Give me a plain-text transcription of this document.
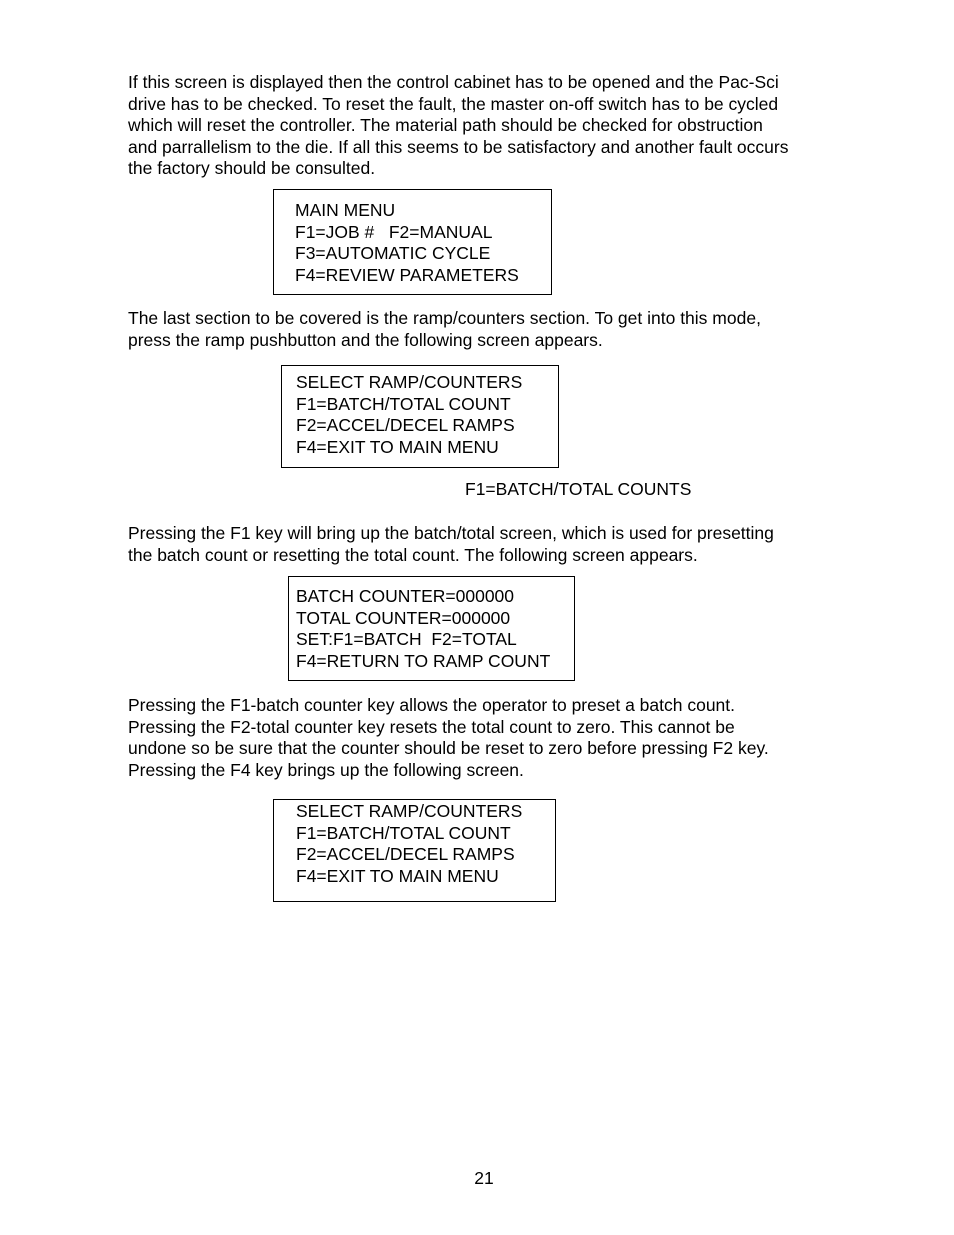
If this screen is displayed then the control cabinet has to be opened and the Pac-Sci
drive has to be checked. To reset the fault, the master on-off switch has to be cycled
which will reset the controller. The material path should be checked for obstruction
and parrallelism to the die. If all this seems to be satisfactory and another fault occurs
the factory should be consulted.
MAIN MENU
F1=JOB #   F2=MANUAL
F3=AUTOMATIC CYCLE
F4=REVIEW PARAMETERS
The last section to be covered is the ramp/counters section. To get into this mode,
press the ramp pushbutton and the following screen appears.
SELECT RAMP/COUNTERS
F1=BATCH/TOTAL COUNT
F2=ACCEL/DECEL RAMPS
F4=EXIT TO MAIN MENU
F1=BATCH/TOTAL COUNTS
Pressing the F1 key will bring up the batch/total screen, which is used for presetting
the batch count or resetting the total count. The following screen appears.
BATCH COUNTER=000000
TOTAL COUNTER=000000
SET:F1=BATCH  F2=TOTAL
F4=RETURN TO RAMP COUNT
Pressing the F1-batch counter key allows the operator to preset a batch count.
Pressing the F2-total counter key resets the total count to zero. This cannot be
undone so be sure that the counter should be reset to zero before pressing F2 key.
Pressing the F4 key brings up the following screen.
SELECT RAMP/COUNTERS
F1=BATCH/TOTAL COUNT
F2=ACCEL/DECEL RAMPS
F4=EXIT TO MAIN MENU
21
